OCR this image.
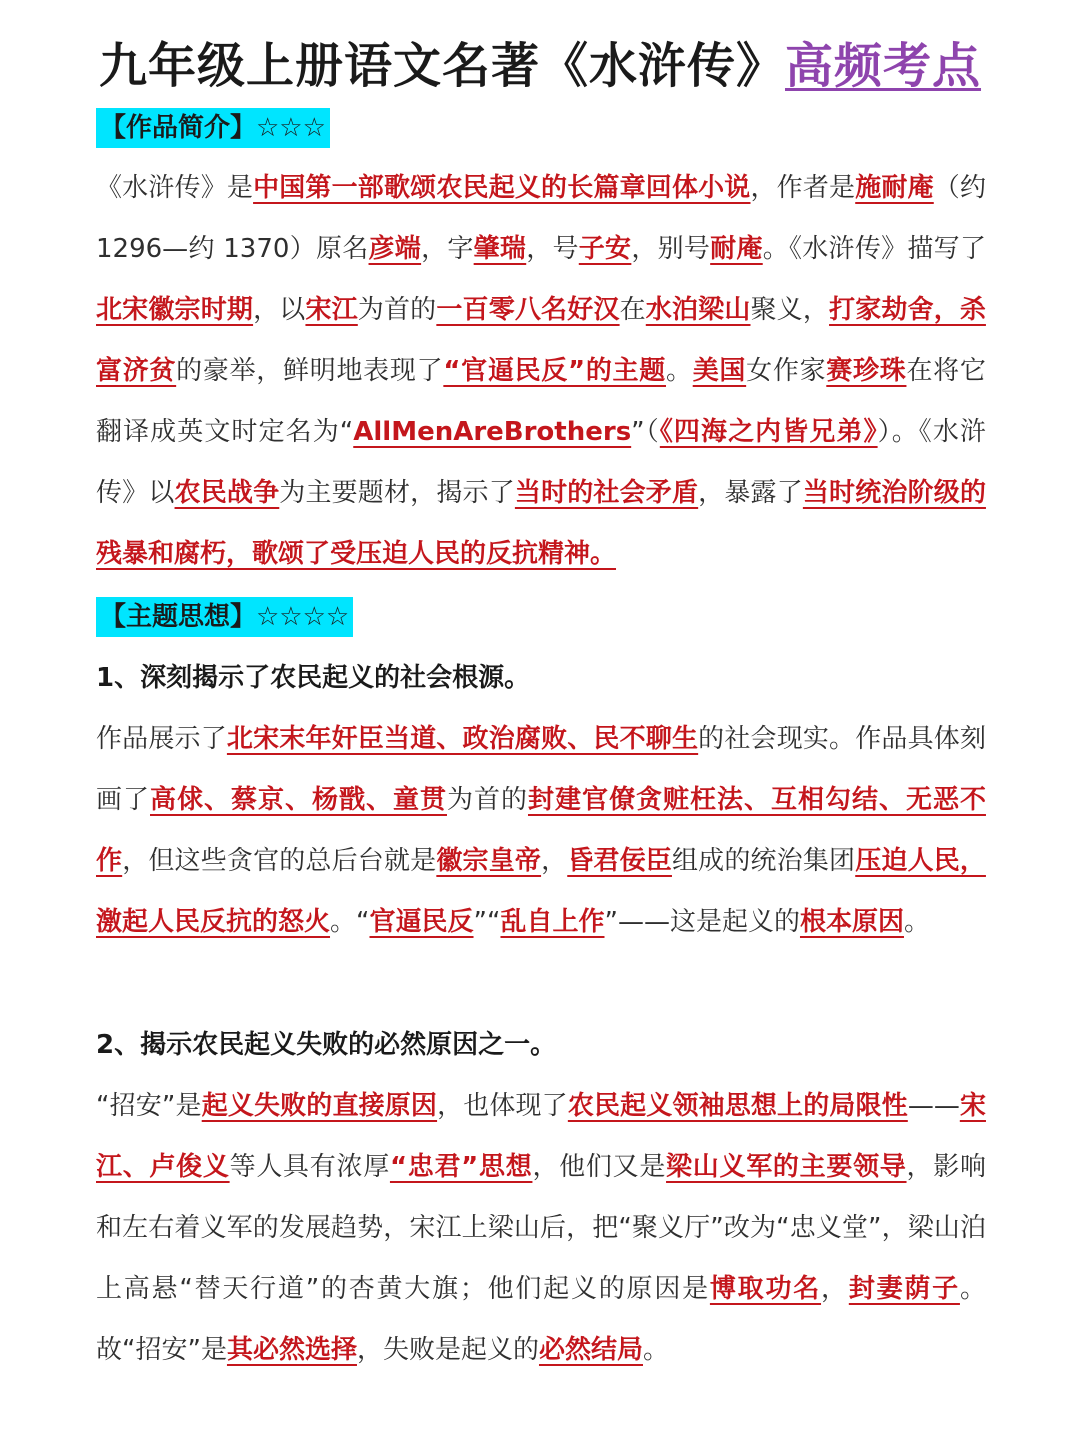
九年级上册语文名著《水浒传》高频考点
【作品简介】☆☆☆
《水浒传》是中国第一部歌颂农民起义的长篇章回体小说，作者是施耐庵（约 1296—约 1370）原名彦端，字肇瑞，号子安，别号耐庵。《水浒传》描写了北宋徽宗时期，以宋江为首的一百零八名好汉在水泊梁山聚义，打家劫舍，杀富济贫的豪举，鲜明地表现了“官逼民反”的主题。美国女作家赛珍珠在将它翻译成英文时定名为“AllMenAreBrothers”（《四海之内皆兄弟》）。《水浒传》以农民战争为主要题材，揭示了当时的社会矛盾，暴露了当时统治阶级的残暴和腐朽，歌颂了受压迫人民的反抗精神。
【主题思想】☆☆☆☆
1、深刻揭示了农民起义的社会根源。
作品展示了北宋末年奸臣当道、政治腐败、民不聊生的社会现实。作品具体刻画了高俅、蔡京、杨戬、童贯为首的封建官僚贪赃枉法、互相勾结、无恶不作，但这些贪官的总后台就是徽宗皇帝，昏君佞臣组成的统治集团压迫人民，激起人民反抗的怒火。“官逼民反”“乱自上作”——这是起义的根本原因。
2、揭示农民起义失败的必然原因之一。
“招安”是起义失败的直接原因，也体现了农民起义领袖思想上的局限性——宋江、卢俊义等人具有浓厚“忠君”思想，他们又是梁山义军的主要领导，影响和左右着义军的发展趋势，宋江上梁山后，把“聚义厅”改为“忠义堂”，梁山泊上高悬“替天行道”的杏黄大旗；他们起义的原因是博取功名，封妻荫子。故“招安”是其必然选择，失败是起义的必然结局。
